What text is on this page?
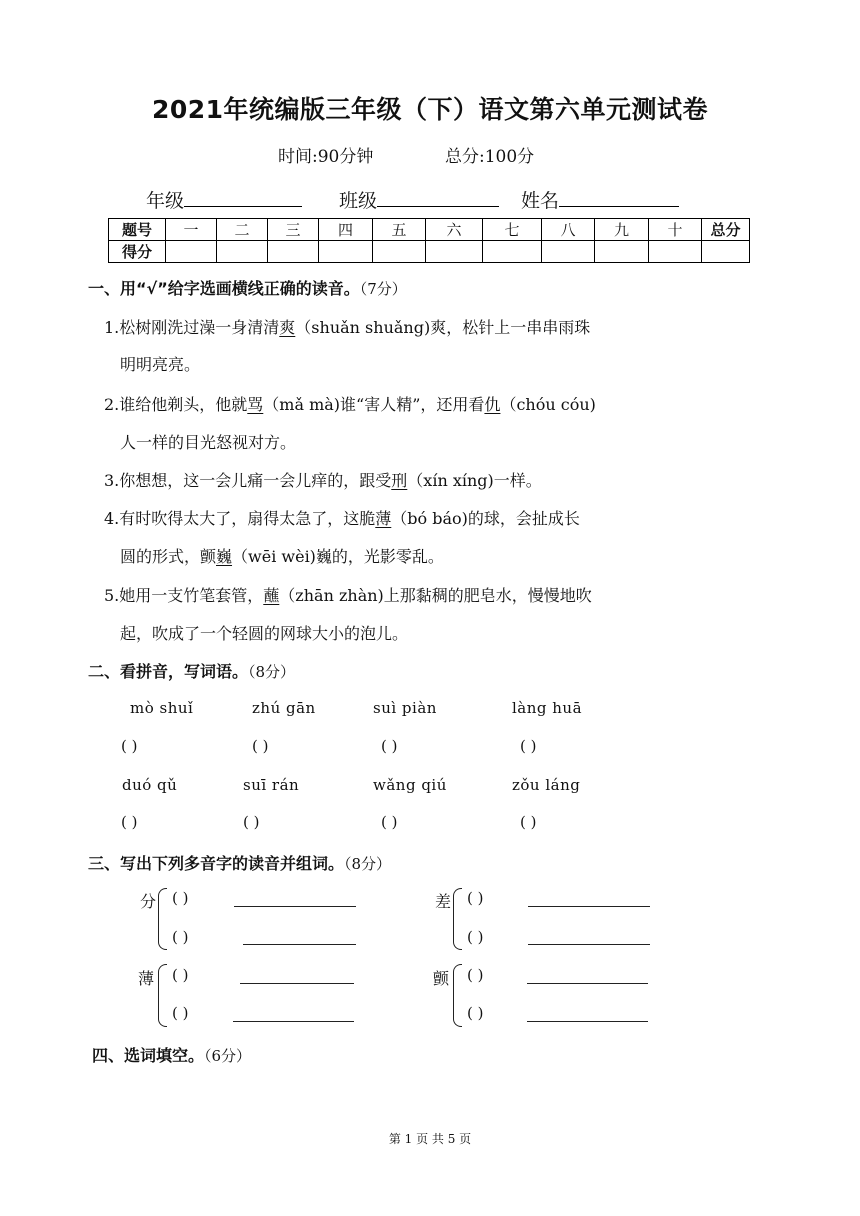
2021年统编版三年级（下）语文第六单元测试卷
时间:90分钟	总分:100分
年级	班级	姓名
题号	一	二	三	四	五	六	七	八	九	十	总分
得分											
一、用“√”给字选画横线正确的读音。（7分）
1.松树刚洗过澡一身清清爽（shuǎn shuǎng)爽，松针上一串串雨珠
明明亮亮。
2.谁给他剃头，他就骂（mǎ mà)谁“害人精”，还用看仇（chóu cóu)
人一样的目光怒视对方。
3.你想想，这一会儿痛一会儿痒的，跟受刑（xín xíng)一样。
4.有时吹得太大了，扇得太急了，这脆薄（bó báo)的球，会扯成长
圆的形式，颤巍（wēi wèi)巍的，光影零乱。
5.她用一支竹笔套管，蘸（zhān zhàn)上那黏稠的肥皂水，慢慢地吹
起，吹成了一个轻圆的网球大小的泡儿。
二、看拼音，写词语。（8分）
mò shuǐ	zhú gān	suì piàn	làng huā
( )	( )	( )	( )
duó qǔ	suī rán	wǎng qiú	zǒu láng
( )	( )	( )	( )
三、写出下列多音字的读音并组词。（8分）
分 ( )
( )
差 ( )
( )
薄 ( )
( )
颤 ( )
( )
四、选词填空。（6分）
第 1 页 共 5 页
